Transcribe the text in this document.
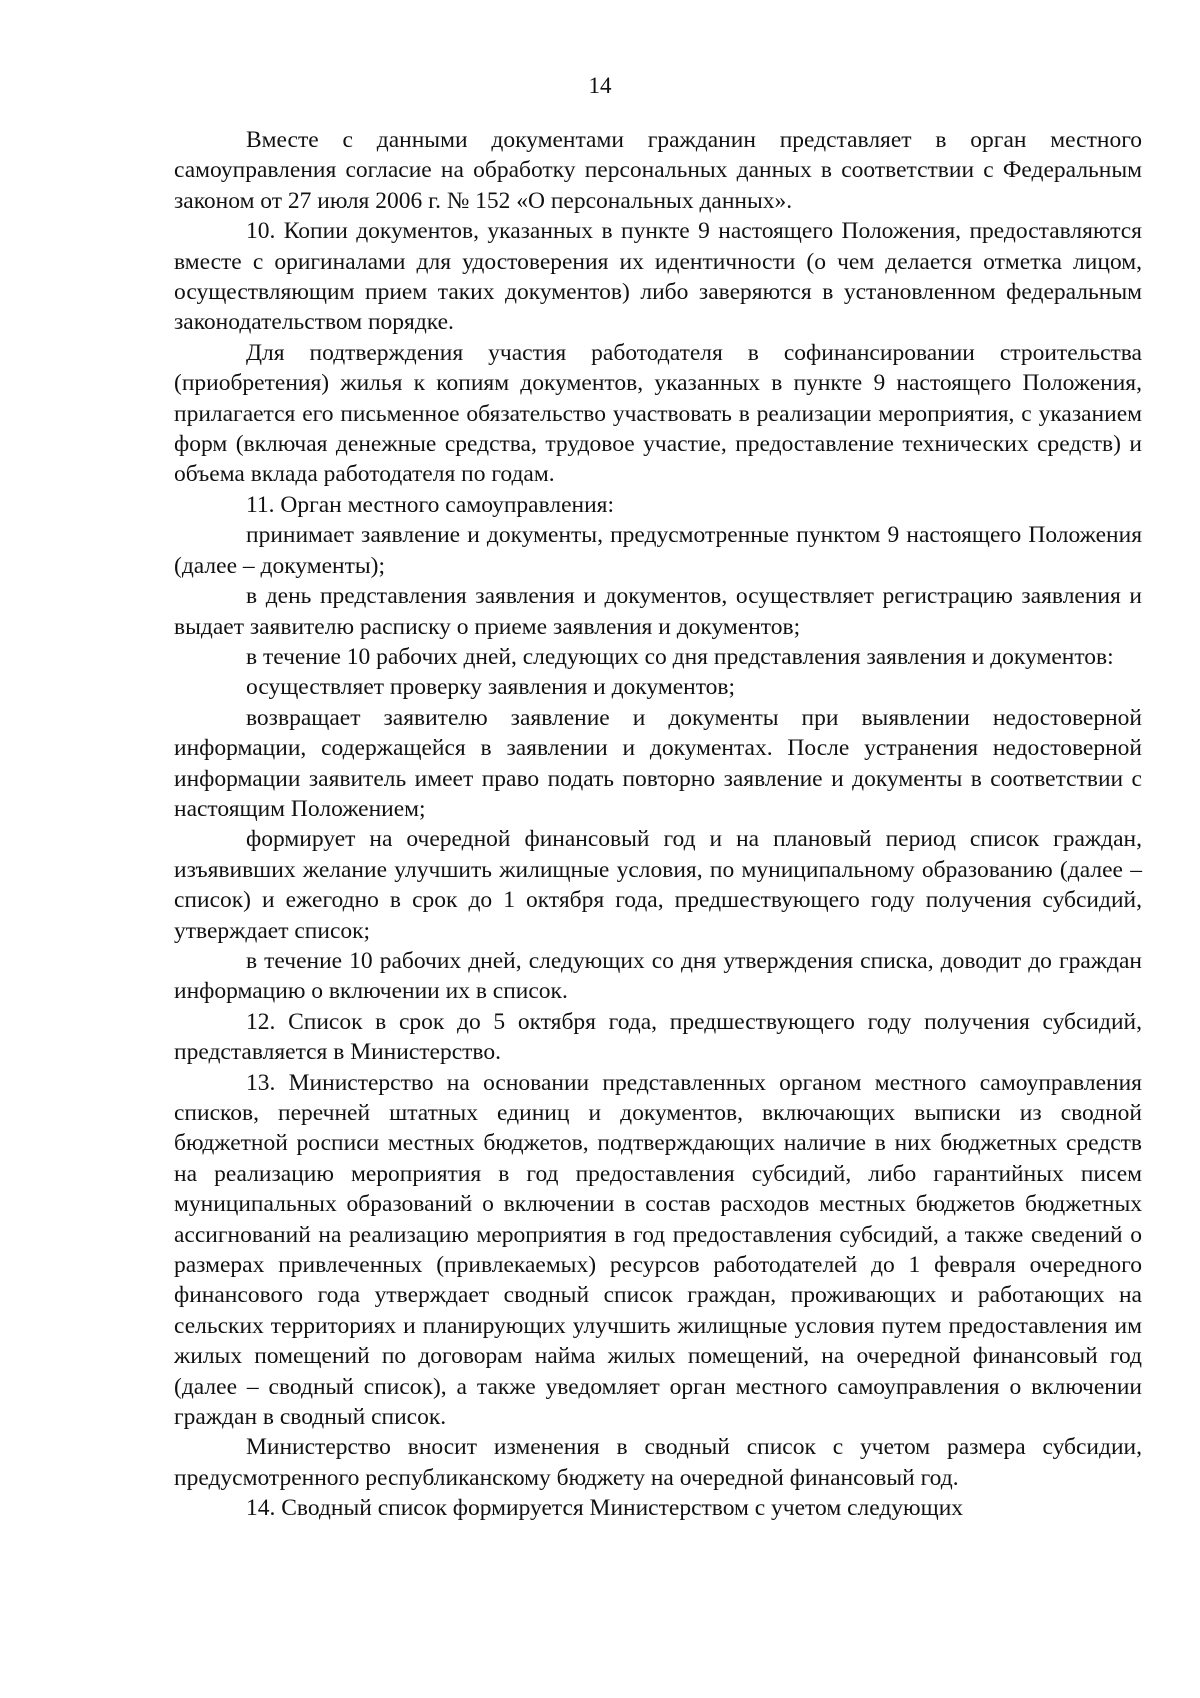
14

Вместе с данными документами гражданин представляет в орган местного самоуправления согласие на обработку персональных данных в соответствии с Федеральным законом от 27 июля 2006 г. № 152 «О персональных данных».

10. Копии документов, указанных в пункте 9 настоящего Положения, предоставляются вместе с оригиналами для удостоверения их идентичности (о чем делается отметка лицом, осуществляющим прием таких документов) либо заверяются в установленном федеральным законодательством порядке.

Для подтверждения участия работодателя в софинансировании строительства (приобретения) жилья к копиям документов, указанных в пункте 9 настоящего Положения, прилагается его письменное обязательство участвовать в реализации мероприятия, с указанием форм (включая денежные средства, трудовое участие, предоставление технических средств) и объема вклада работодателя по годам.

11. Орган местного самоуправления:

принимает заявление и документы, предусмотренные пунктом 9 настоящего Положения (далее – документы);

в день представления заявления и документов, осуществляет регистрацию заявления и выдает заявителю расписку о приеме заявления и документов;

в течение 10 рабочих дней, следующих со дня представления заявления и документов:

осуществляет проверку заявления и документов;

возвращает заявителю заявление и документы при выявлении недостоверной информации, содержащейся в заявлении и документах. После устранения недостоверной информации заявитель имеет право подать повторно заявление и документы в соответствии с настоящим Положением;

формирует на очередной финансовый год и на плановый период список граждан, изъявивших желание улучшить жилищные условия, по муниципальному образованию (далее – список) и ежегодно в срок до 1 октября года, предшествующего году получения субсидий, утверждает список;

в течение 10 рабочих дней, следующих со дня утверждения списка, доводит до граждан информацию о включении их в список.

12. Список в срок до 5 октября года, предшествующего году получения субсидий, представляется в Министерство.

13. Министерство на основании представленных органом местного самоуправления списков, перечней штатных единиц и документов, включающих выписки из сводной бюджетной росписи местных бюджетов, подтверждающих наличие в них бюджетных средств на реализацию мероприятия в год предоставления субсидий, либо гарантийных писем муниципальных образований о включении в состав расходов местных бюджетов бюджетных ассигнований на реализацию мероприятия в год предоставления субсидий, а также сведений о размерах привлеченных (привлекаемых) ресурсов работодателей до 1 февраля очередного финансового года утверждает сводный список граждан, проживающих и работающих на сельских территориях и планирующих улучшить жилищные условия путем предоставления им жилых помещений по договорам найма жилых помещений, на очередной финансовый год (далее – сводный список), а также уведомляет орган местного самоуправления о включении граждан в сводный список.

Министерство вносит изменения в сводный список с учетом размера субсидии, предусмотренного республиканскому бюджету на очередной финансовый год.

14. Сводный список формируется Министерством с учетом следующих
